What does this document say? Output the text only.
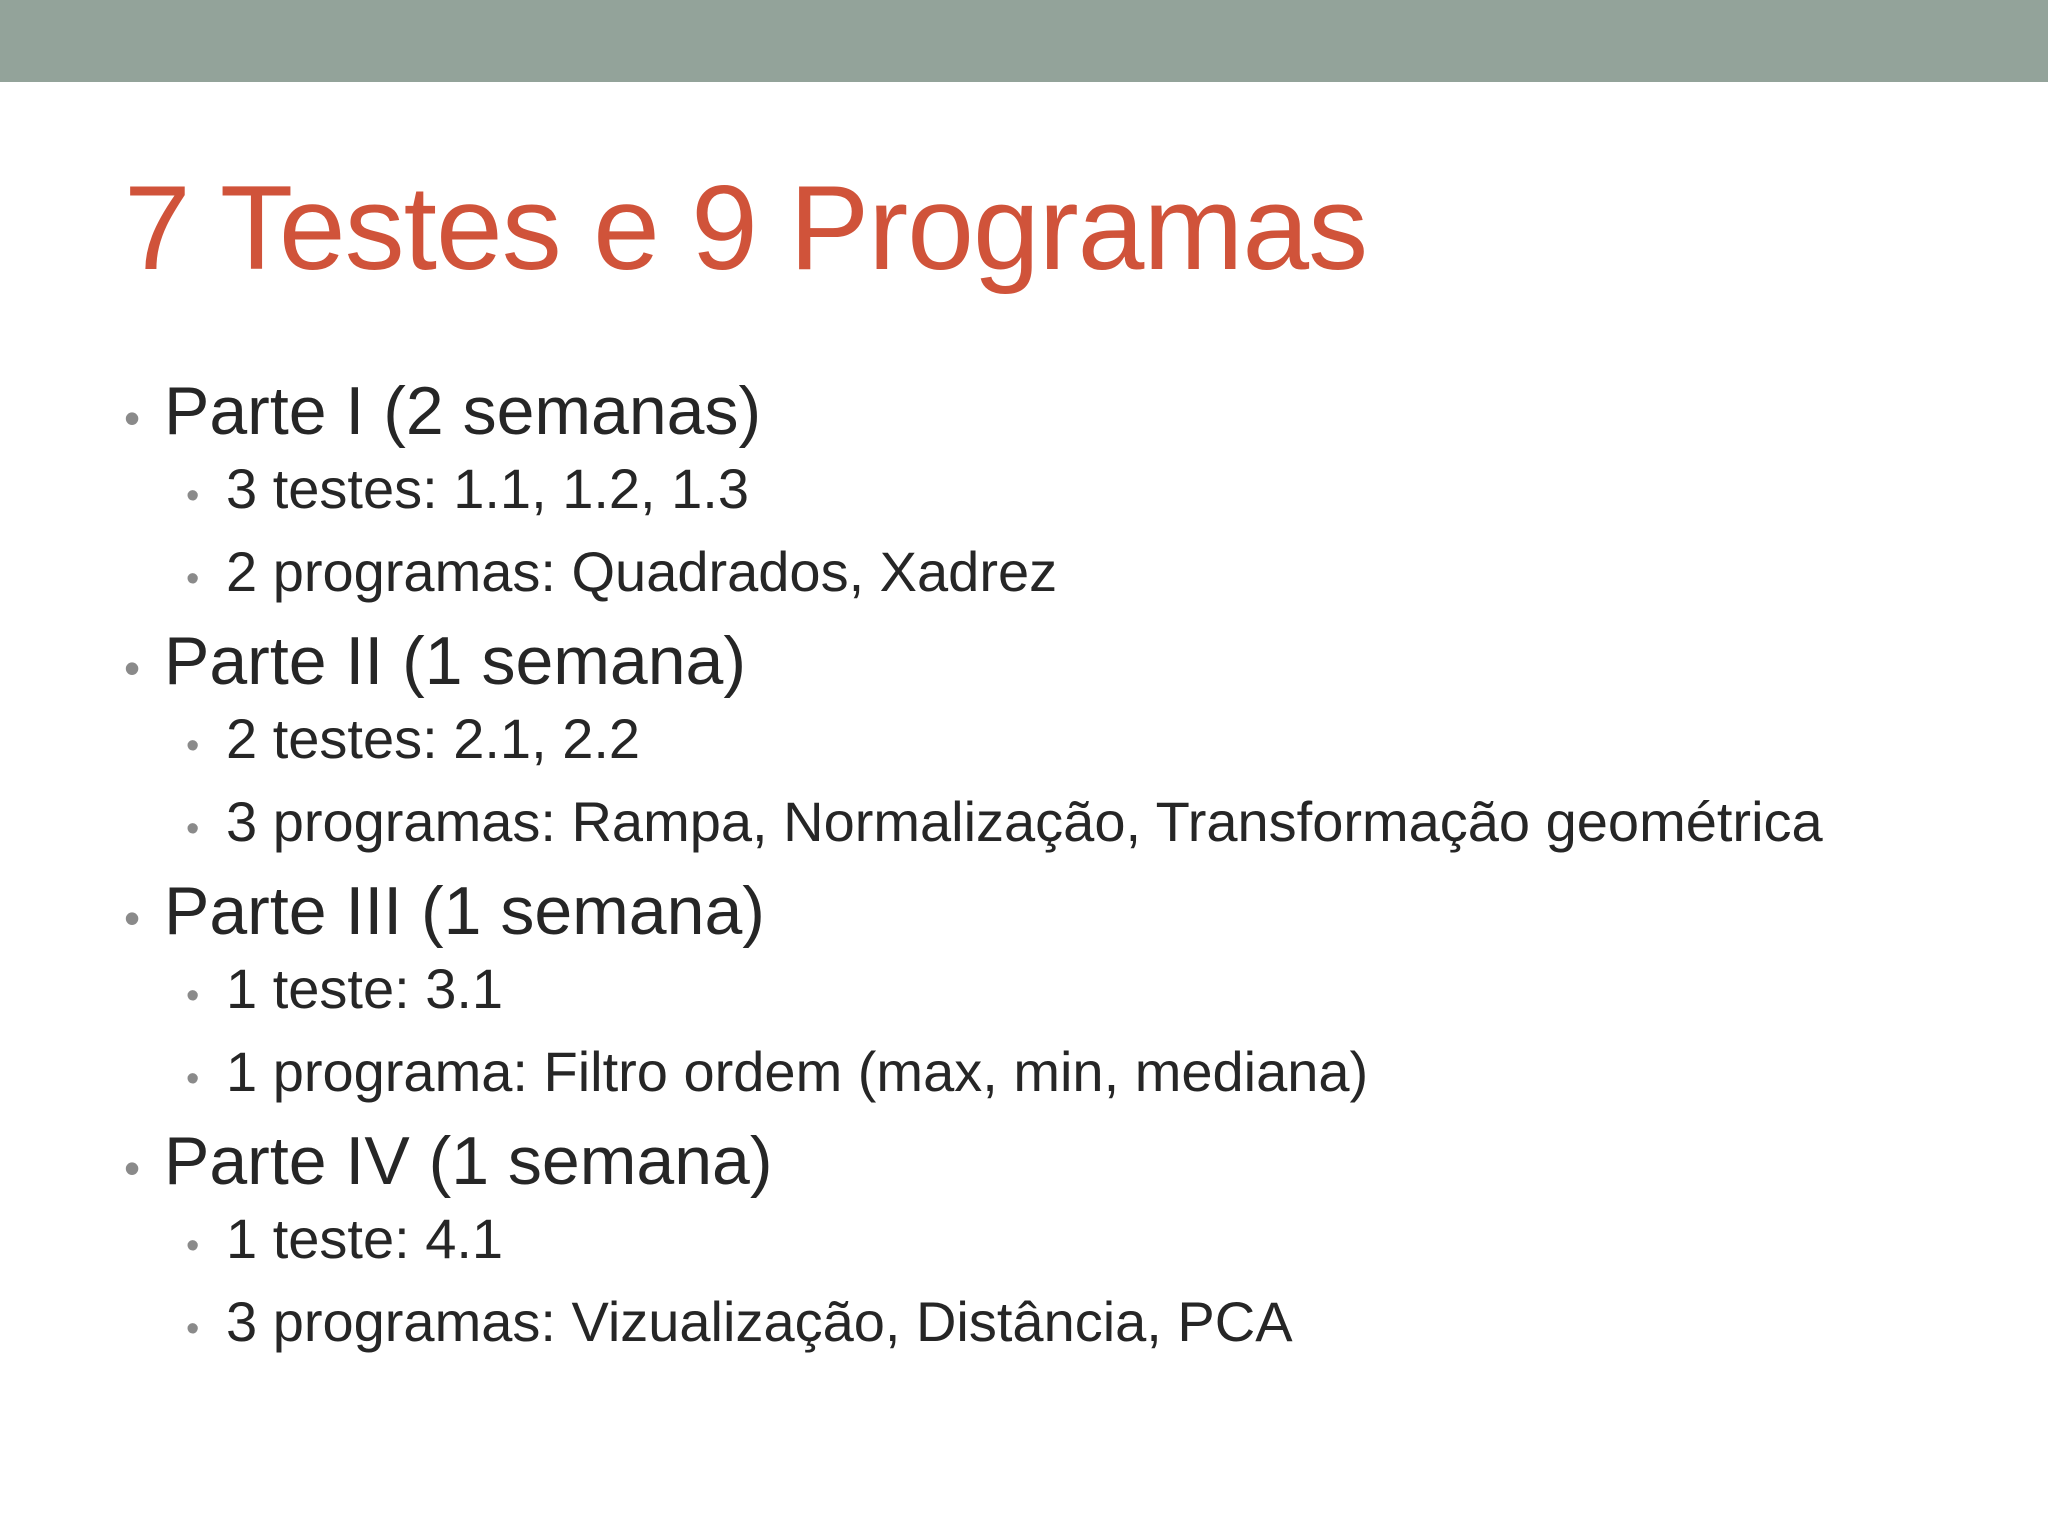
7 Testes e 9 Programas
• Parte I (2 semanas)
• 3 testes: 1.1, 1.2, 1.3
• 2 programas: Quadrados, Xadrez
• Parte II (1 semana)
• 2 testes: 2.1, 2.2
• 3 programas: Rampa, Normalização, Transformação geométrica
• Parte III (1 semana)
• 1 teste: 3.1
• 1 programa: Filtro ordem (max, min, mediana)
• Parte IV (1 semana)
• 1 teste: 4.1
• 3 programas: Vizualização, Distância, PCA
